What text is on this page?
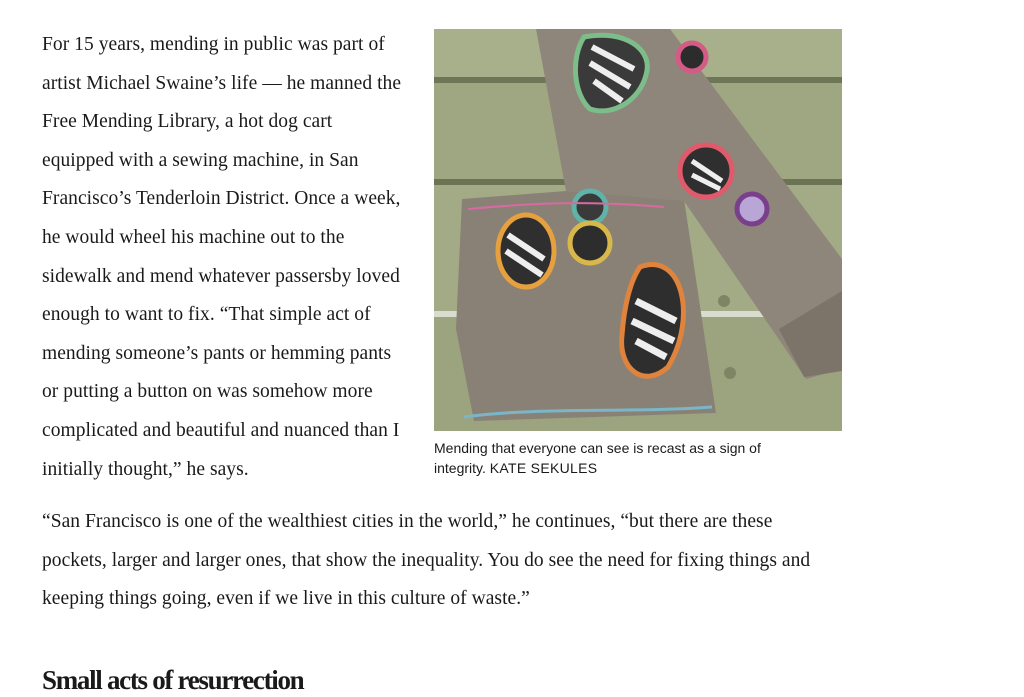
Mending that everyone can see is recast as a sign of integrity. KATE SEKULES

For 15 years, mending in public was part of artist Michael Swaine’s life — he manned the Free Mending Library, a hot dog cart equipped with a sewing machine, in San Francisco’s Tenderloin District. Once a week, he would wheel his machine out to the sidewalk and mend whatever passersby loved enough to want to fix. “That simple act of mending someone’s pants or hemming pants or putting a button on was somehow more complicated and beautiful and nuanced than I initially thought,” he says.

“San Francisco is one of the wealthiest cities in the world,” he continues, “but there are these pockets, larger and larger ones, that show the inequality. You do see the need for fixing things and keeping things going, even if we live in this culture of waste.”

Small acts of resurrection
